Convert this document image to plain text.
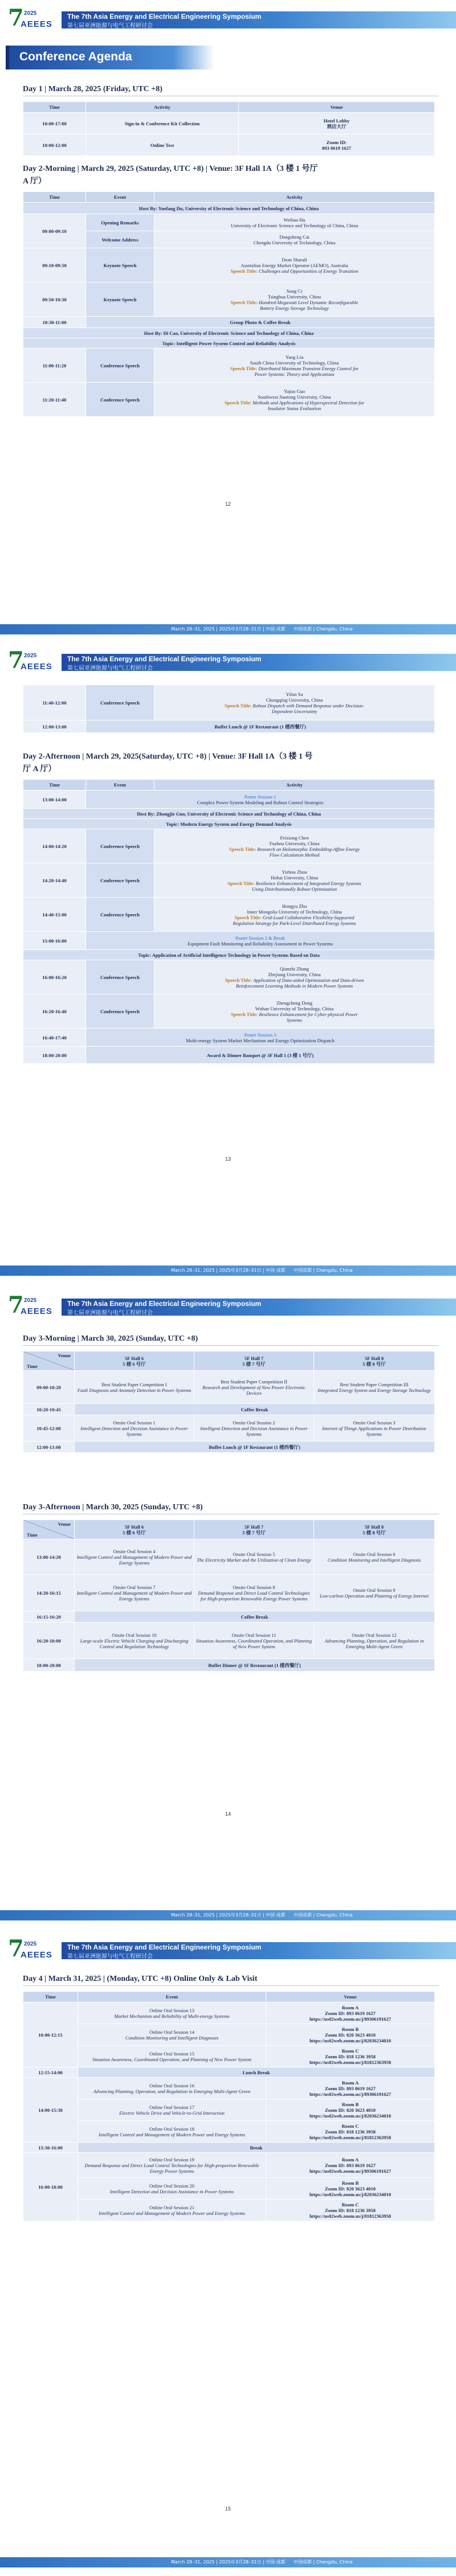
7 2025
AEEES
The 7th Asia Energy and Electrical Engineering Symposium
第七届亚洲能源与电气工程研讨会
Conference Agenda
Day 1 | March 28, 2025 (Friday, UTC +8)
Time	Activity	Venue
10:00-17:00	Sign-in & Conference Kit Collection	Hotel Lobby
酒店大厅

10:00-12:00	Online Test	Zoom ID:
893 0619 1627
Day 2-Morning | March 29, 2025 (Saturday, UTC +8) | Venue: 3F Hall 1A（3 楼 1 号厅
A 厅）
Time	Event	Activity
Host By: Yuefang Du, University of Electronic Science and Technology of China, China		
09:00-09:10	Opening Remarks	Weihao Hu
University of Electronic Science and Technology of China, China

	Welcome Address	Dongsheng Cai
Chengdu University of Technology, China

09:10-09:50	Keynote Speech	Dean Sharafi
Australian Energy Market Operator (AEMO), Australia
Speech Title: Challenges and Opportunities of Energy Transition

09:50-10:30	Keynote Speech	Song Ci
Tsinghua University, China
Speech Title: Hundred-Megawatt Level Dynamic Reconfigurable
Battery Energy Storage Technology

10:30-11:00	Group Photo & Coffee Break	
Host By: Di Cao, University of Electronic Science and Technology of China, China		
Topic: Intelligent Power System Control and Reliability Analysis		
11:00-11:20	Conference Speech	Yang Liu
South China University of Technology, China
Speech Title: Distributed Maximum Transient Energy Control for
Power Systems: Theory and Applications

11:20-11:40	Conference Speech	Yujun Guo
Southwest Jiaotong University, China
Speech Title: Methods and Applications of Hyperspectral Detection for
Insulator Status Evaluation
12
March 28–31, 2025 | 2025年3月28–31日 | 中国 成都 中国成都 | Chengdu, China
7 2025
AEEES
The 7th Asia Energy and Electrical Engineering Symposium
第七届亚洲能源与电气工程研讨会
11:40-12:00	Conference Speech	Yifan Su
Chongqing University, China
Speech Title: Robust Dispatch with Demand Response under Decision-
Dependent Uncertainty

12:00-13:00	Buffet Lunch @ 1F Restaurant (1 楼西餐厅)	
Day 2-Afternoon | March 29, 2025(Saturday, UTC +8) | Venue: 3F Hall 1A（3 楼 1 号
厅 A 厅）
Time	Event	Activity
13:00-14:00	Poster Session 1
Complex Power System Modeling and Robust Control Strategies	

Host By: Zhongjie Guo, University of Electronic Science and Technology of China, China		
Topic: Modern Energy System and Energy Demand Analysis		
14:00-14:20	Conference Speech	Feixiong Chen
Fuzhou University, China
Speech Title: Research on Holomorphic Embedding-Affine Energy
Flow Calculation Method

14:20-14:40	Conference Speech	Yizhou Zhou
Hohai University, China
Speech Title: Resilience Enhancement of Integrated Energy Systems
Using Distributionally Robust Optimization

14:40-15:00	Conference Speech	Hongyu Zhu
Inner Mongolia University of Technology, China
Speech Title: Grid-Load Collaborative Flexibility-Supported
Regulation Strategy for Park-Level Distributed Energy Systems

15:00-16:00	Poster Session 2 & Break
Equipment Fault Monitoring and Reliability Assessment in Power Systems	

Topic: Application of Artificial Intelligence Technology in Power Systems Based on Data		
16:00-16:20	Conference Speech	Qianzhi Zhang
Zhejiang University, China
Speech Title: Application of Data-aided Optimization and Data-driven
Reinforcement Learning Methods in Modern Power Systems

16:20-16:40	Conference Speech	Zhengcheng Dong
Wuhan University of Technology, China
Speech Title: Resilience Enhancement for Cyber-physical Power
Systems

16:40-17:40	Poster Session 3
Multi-energy System Market Mechanism and Energy Optimization Dispatch	

18:00-20:00	Award & Dinner Banquet @ 3F Hall 1 (3 楼 1 号厅)	
13
March 28–31, 2025 | 2025年3月28–31日 | 中国 成都 中国成都 | Chengdu, China
7 2025
AEEES
The 7th Asia Energy and Electrical Engineering Symposium
第七届亚洲能源与电气工程研讨会
Day 3-Morning | March 30, 2025 (Sunday, UTC +8)
Venue
Time	5F Hall 6
5 楼 6 号厅	5F Hall 7
5 楼 7 号厅	5F Hall 8
5 楼 8 号厅

09:00-10:20	Best Student Paper Competition I
Fault Diagnosis and Anomaly Detection in Power Systems	Best Student Paper Competition II
Research and Development of New Power Electronic Devices	Best Student Paper Competition III
Integrated Energy System and Energy Storage Technology

10:20-10:45	Coffee Break		
10:45-12:00	Onsite Oral Session 1
Intelligent Detection and Decision Assistance in Power Systems	Onsite Oral Session 2
Intelligent Detection and Decision Assistance in Power Systems	Onsite Oral Session 3
Internet of Things Applications in Power Distribution Systems

12:00-13:00	Buffet Lunch @ 1F Restaurant (1 楼西餐厅)		
Day 3-Afternoon | March 30, 2025 (Sunday, UTC +8)
Venue
Time	5F Hall 6
5 楼 6 号厅	5F Hall 7
5 楼 7 号厅	5F Hall 8
5 楼 8 号厅

13:00-14:20	Onsite Oral Session 4
Intelligent Control and Management of Modern Power and Energy Systems	Onsite Oral Session 5
The Electricity Market and the Utilization of Clean Energy	Onsite Oral Session 6
Condition Monitoring and Intelligent Diagnosis

14:20-16:15	Onsite Oral Session 7
Intelligent Control and Management of Modern Power and Energy Systems	Onsite Oral Session 8
Demand Response and Direct Load Control Technologies for High-proportion Renewable Energy Power Systems	Onsite Oral Session 9
Low-carbon Operation and Planning of Energy Internet

16:15-16:20	Coffee Break		
16:20-18:00	Onsite Oral Session 10
Large-scale Electric Vehicle Charging and Discharging Control and Regulation Technology	Onsite Oral Session 11
Situation Awareness, Coordinated Operation, and Planning of New Power System	Onsite Oral Session 12
Advancing Planning, Operation, and Regulation in Emerging Multi-Agent Green

18:00-20:00	Buffet Dinner @ 1F Restaurant (1 楼西餐厅)		
14
March 28–31, 2025 | 2025年3月28–31日 | 中国 成都 中国成都 | Chengdu, China
7 2025
AEEES
The 7th Asia Energy and Electrical Engineering Symposium
第七届亚洲能源与电气工程研讨会
Day 4 | March 31, 2025 | (Monday, UTC +8) Online Only & Lab Visit
Time	Event	Venue
10:00-12:15	Online Oral Session 13
Market Mechanism and Reliability of Multi-energy Systems	Room A
Zoom ID: 893 0619 1627
https://us02web.zoom.us/j/89306191627

	Online Oral Session 14
Condition Monitoring and Intelligent Diagnosis	Room B
Zoom ID: 820 3623 4010
https://us02web.zoom.us/j/82036234010

	Online Oral Session 15
Situation Awareness, Coordinated Operation, and Planning of New Power System	Room C
Zoom ID: 818 1236 3958
https://us02web.zoom.us/j/81812363958

12:15-14:00	Lunch Break	
14:00-15:30	Online Oral Session 16
Advancing Planning, Operation, and Regulation in Emerging Multi-Agent Green	Room A
Zoom ID: 893 0619 1627
https://us02web.zoom.us/j/89306191627

	Online Oral Session 17
Electric Vehicle Drive and Vehicle-to-Grid Interaction	Room B
Zoom ID: 820 3623 4010
https://us02web.zoom.us/j/82036234010

	Online Oral Session 18
Intelligent Control and Management of Modern Power and Energy Systems	Room C
Zoom ID: 818 1236 3958
https://us02web.zoom.us/j/81812363958

15:30-16:00	Break	
16:00-18:00	Online Oral Session 19
Demand Response and Direct Load Control Technologies for High-proportion Renewable Energy Power Systems	Room A
Zoom ID: 893 0619 1627
https://us02web.zoom.us/j/89306191627

	Online Oral Session 20
Intelligent Detection and Decision Assistance in Power Systems	Room B
Zoom ID: 820 3623 4010
https://us02web.zoom.us/j/82036234010

	Online Oral Session 21
Intelligent Control and Management of Modern Power and Energy Systems	Room C
Zoom ID: 818 1236 3958
https://us02web.zoom.us/j/81812363958
15
March 28–31, 2025 | 2025年3月28–31日 | 中国 成都 中国成都 | Chengdu, China
